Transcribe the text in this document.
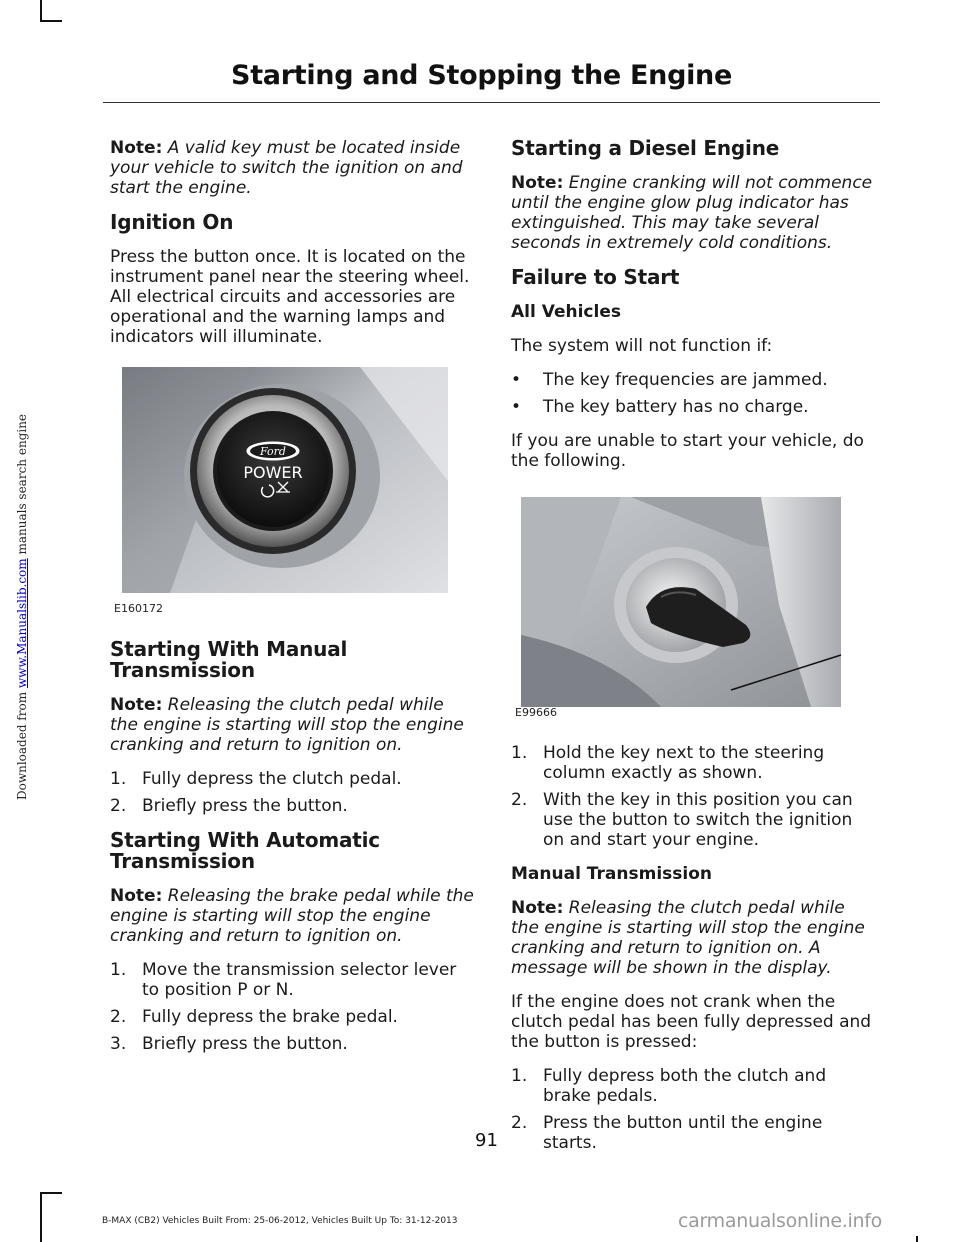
Downloaded from www.Manualslib.com manuals search engine
Starting and Stopping the Engine

Note: A valid key must be located inside your vehicle to switch the ignition on and start the engine.

Ignition On

Press the button once. It is located on the instrument panel near the steering wheel. All electrical circuits and accessories are operational and the warning lamps and indicators will illuminate.

Ford
POWER
E160172
Starting With Manual Transmission

Note: Releasing the clutch pedal while the engine is starting will stop the engine cranking and return to ignition on.

1. Fully depress the clutch pedal.
2. Briefly press the button.
Starting With Automatic Transmission

Note: Releasing the brake pedal while the engine is starting will stop the engine cranking and return to ignition on.

1. Move the transmission selector lever to position P or N.
2. Fully depress the brake pedal.
3. Briefly press the button.
Starting a Diesel Engine

Note: Engine cranking will not commence until the engine glow plug indicator has extinguished. This may take several seconds in extremely cold conditions.

Failure to Start
All Vehicles

The system will not function if:

• The key frequencies are jammed.
• The key battery has no charge.

If you are unable to start your vehicle, do the following.

E99666
1. Hold the key next to the steering column exactly as shown.
2. With the key in this position you can use the button to switch the ignition on and start your engine.
Manual Transmission

Note: Releasing the clutch pedal while the engine is starting will stop the engine cranking and return to ignition on. A message will be shown in the display.

If the engine does not crank when the clutch pedal has been fully depressed and the button is pressed:

1. Fully depress both the clutch and brake pedals.
2. Press the button until the engine starts.
91
B-MAX (CB2) Vehicles Built From: 25-06-2012, Vehicles Built Up To: 31-12-2013	carmanualsonline.info
